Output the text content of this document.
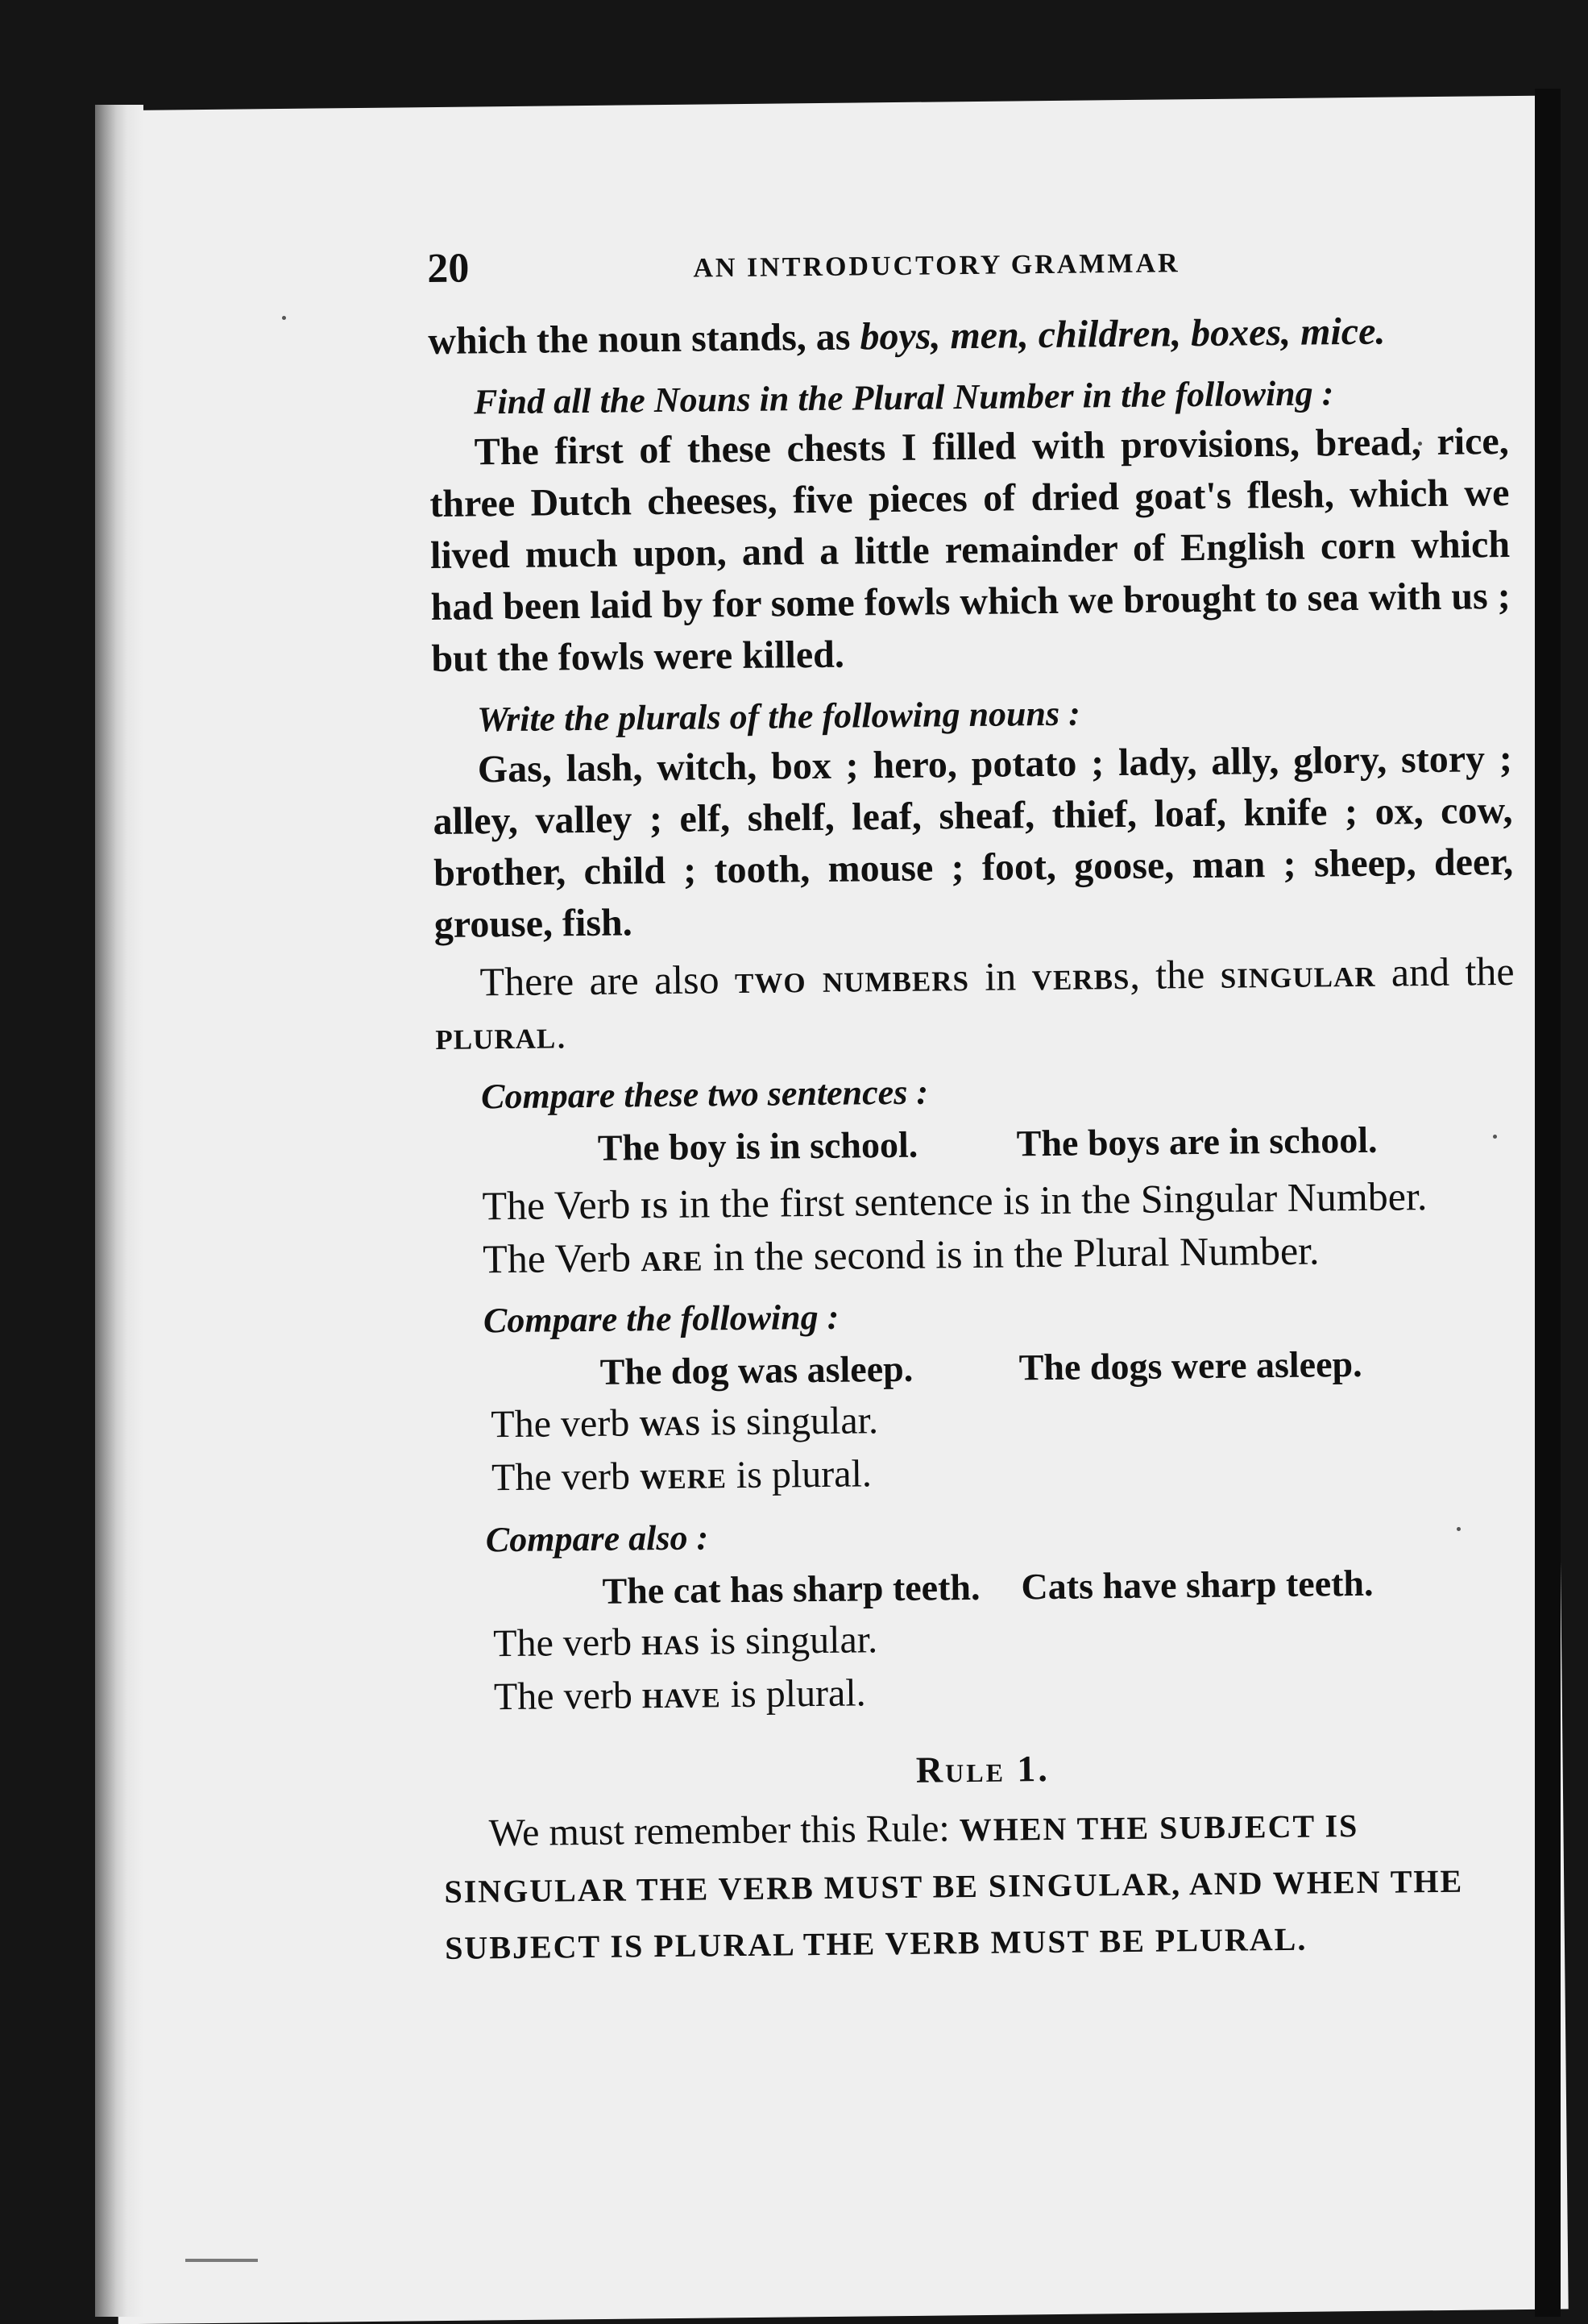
20	AN INTRODUCTORY GRAMMAR

which the noun stands, as boys, men, children, boxes, mice.

Find all the Nouns in the Plural Number in the following :

The first of these chests I filled with provisions, bread, rice, three Dutch cheeses, five pieces of dried goat's flesh, which we lived much upon, and a little remainder of English corn which had been laid by for some fowls which we brought to sea with us ; but the fowls were killed.

Write the plurals of the following nouns :

Gas, lash, witch, box ; hero, potato ; lady, ally, glory, story ; alley, valley ; elf, shelf, leaf, sheaf, thief, loaf, knife ; ox, cow, brother, child ; tooth, mouse ; foot, goose, man ; sheep, deer, grouse, fish.

There are also two numbers in verbs, the singular and the plural.

Compare these two sentences :

The boy is in school.	The boys are in school.

The Verb is in the first sentence is in the Singular Number.

The Verb are in the second is in the Plural Number.

Compare the following :

The dog was asleep.	The dogs were asleep.

The verb was is singular.

The verb were is plural.

Compare also :

The cat has sharp teeth.	Cats have sharp teeth.

The verb has is singular.

The verb have is plural.

Rule 1.

We must remember this Rule: WHEN THE SUBJECT IS SINGULAR THE VERB MUST BE SINGULAR, AND WHEN THE SUBJECT IS PLURAL THE VERB MUST BE PLURAL.
